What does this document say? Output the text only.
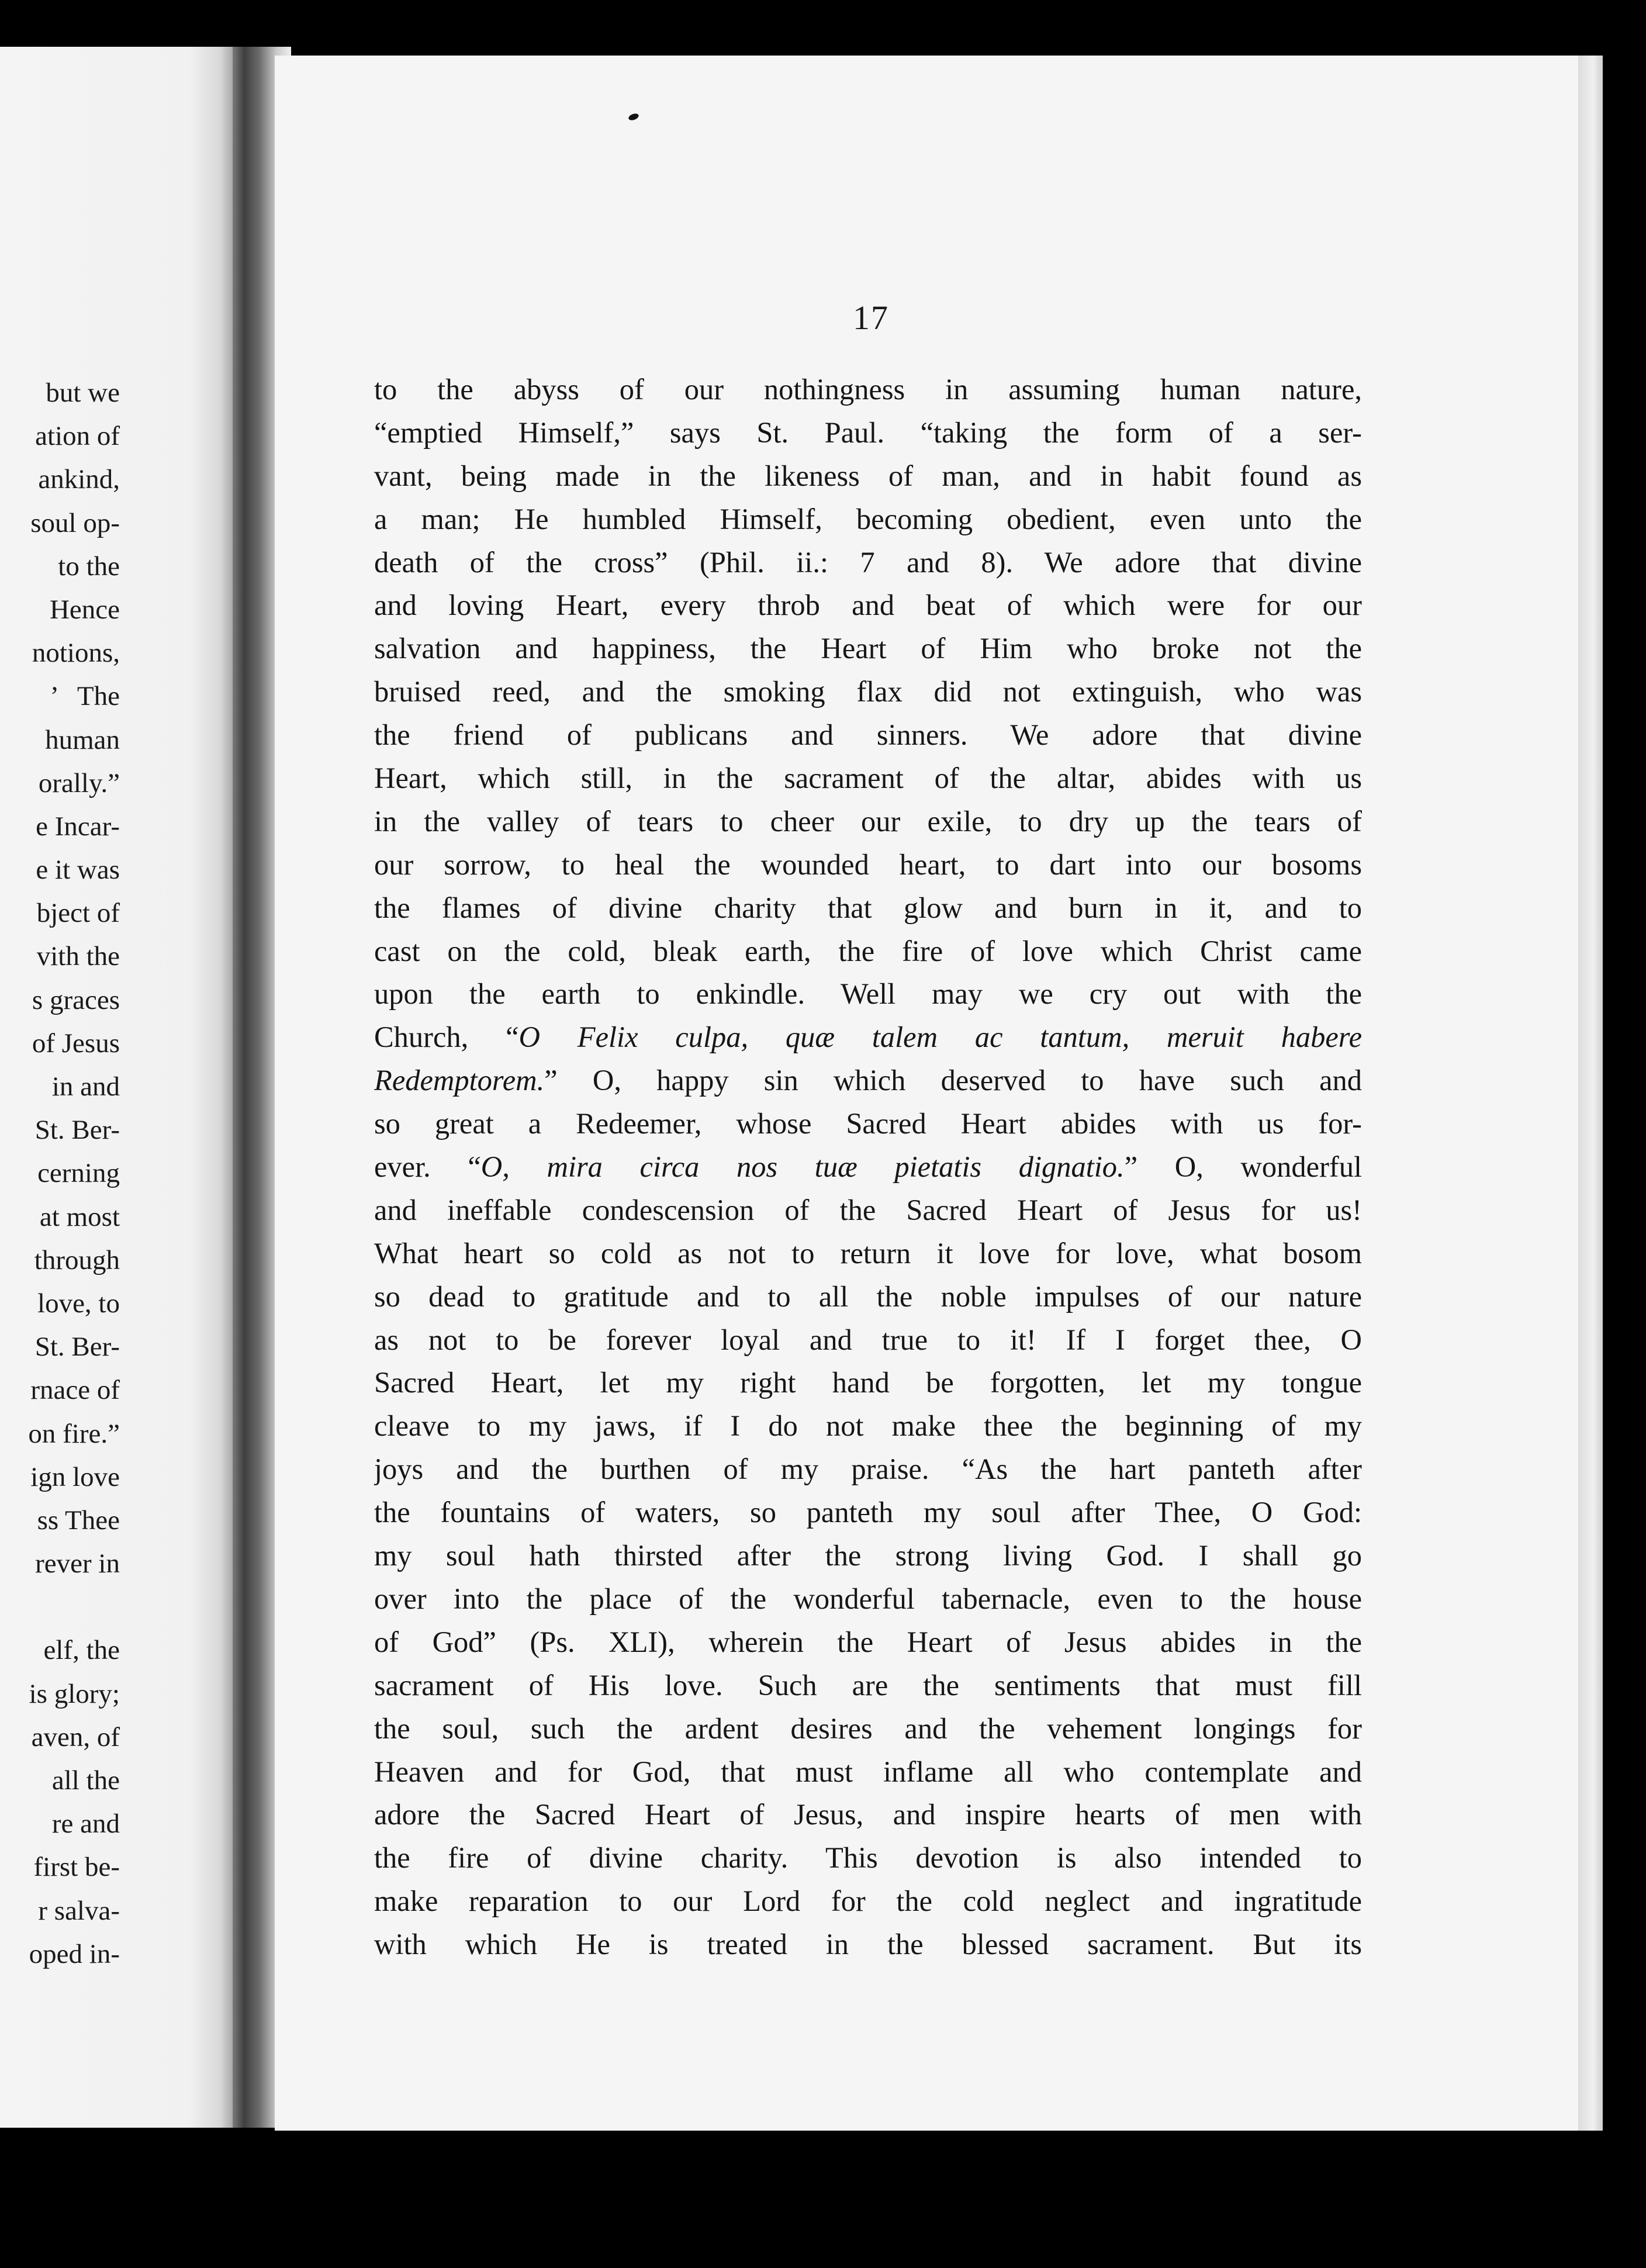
but we
ation of
ankind,
soul op-
to the
Hence
notions,
’   The
human
orally.”
e Incar-
e it was
bject of
vith the
s graces
of Jesus
in and
St. Ber-
cerning
at most
through
love, to
St. Ber-
rnace of
on fire.”
ign love
ss Thee
rever in
elf, the
is glory;
aven, of
all the
re and
first be-
r salva-
oped in-
17
to the abyss of our nothingness in assuming human nature,
“emptied Himself,” says St. Paul. “taking the form of a ser-
vant, being made in the likeness of man, and in habit found as
a man; He humbled Himself, becoming obedient, even unto the
death of the cross” (Phil. ii.: 7 and 8). We adore that divine
and loving Heart, every throb and beat of which were for our
salvation and happiness, the Heart of Him who broke not the
bruised reed, and the smoking flax did not extinguish, who was
the friend of publicans and sinners. We adore that divine
Heart, which still, in the sacrament of the altar, abides with us
in the valley of tears to cheer our exile, to dry up the tears of
our sorrow, to heal the wounded heart, to dart into our bosoms
the flames of divine charity that glow and burn in it, and to
cast on the cold, bleak earth, the fire of love which Christ came
upon the earth to enkindle. Well may we cry out with the
Church, “O Felix culpa, quæ talem ac tantum, meruit habere
Redemptorem.” O, happy sin which deserved to have such and
so great a Redeemer, whose Sacred Heart abides with us for-
ever. “O, mira circa nos tuæ pietatis dignatio.” O, wonderful
and ineffable condescension of the Sacred Heart of Jesus for us!
What heart so cold as not to return it love for love, what bosom
so dead to gratitude and to all the noble impulses of our nature
as not to be forever loyal and true to it! If I forget thee, O
Sacred Heart, let my right hand be forgotten, let my tongue
cleave to my jaws, if I do not make thee the beginning of my
joys and the burthen of my praise. “As the hart panteth after
the fountains of waters, so panteth my soul after Thee, O God:
my soul hath thirsted after the strong living God. I shall go
over into the place of the wonderful tabernacle, even to the house
of God” (Ps. XLI), wherein the Heart of Jesus abides in the
sacrament of His love. Such are the sentiments that must fill
the soul, such the ardent desires and the vehement longings for
Heaven and for God, that must inflame all who contemplate and
adore the Sacred Heart of Jesus, and inspire hearts of men with
the fire of divine charity. This devotion is also intended to
make reparation to our Lord for the cold neglect and ingratitude
with which He is treated in the blessed sacrament. But its
